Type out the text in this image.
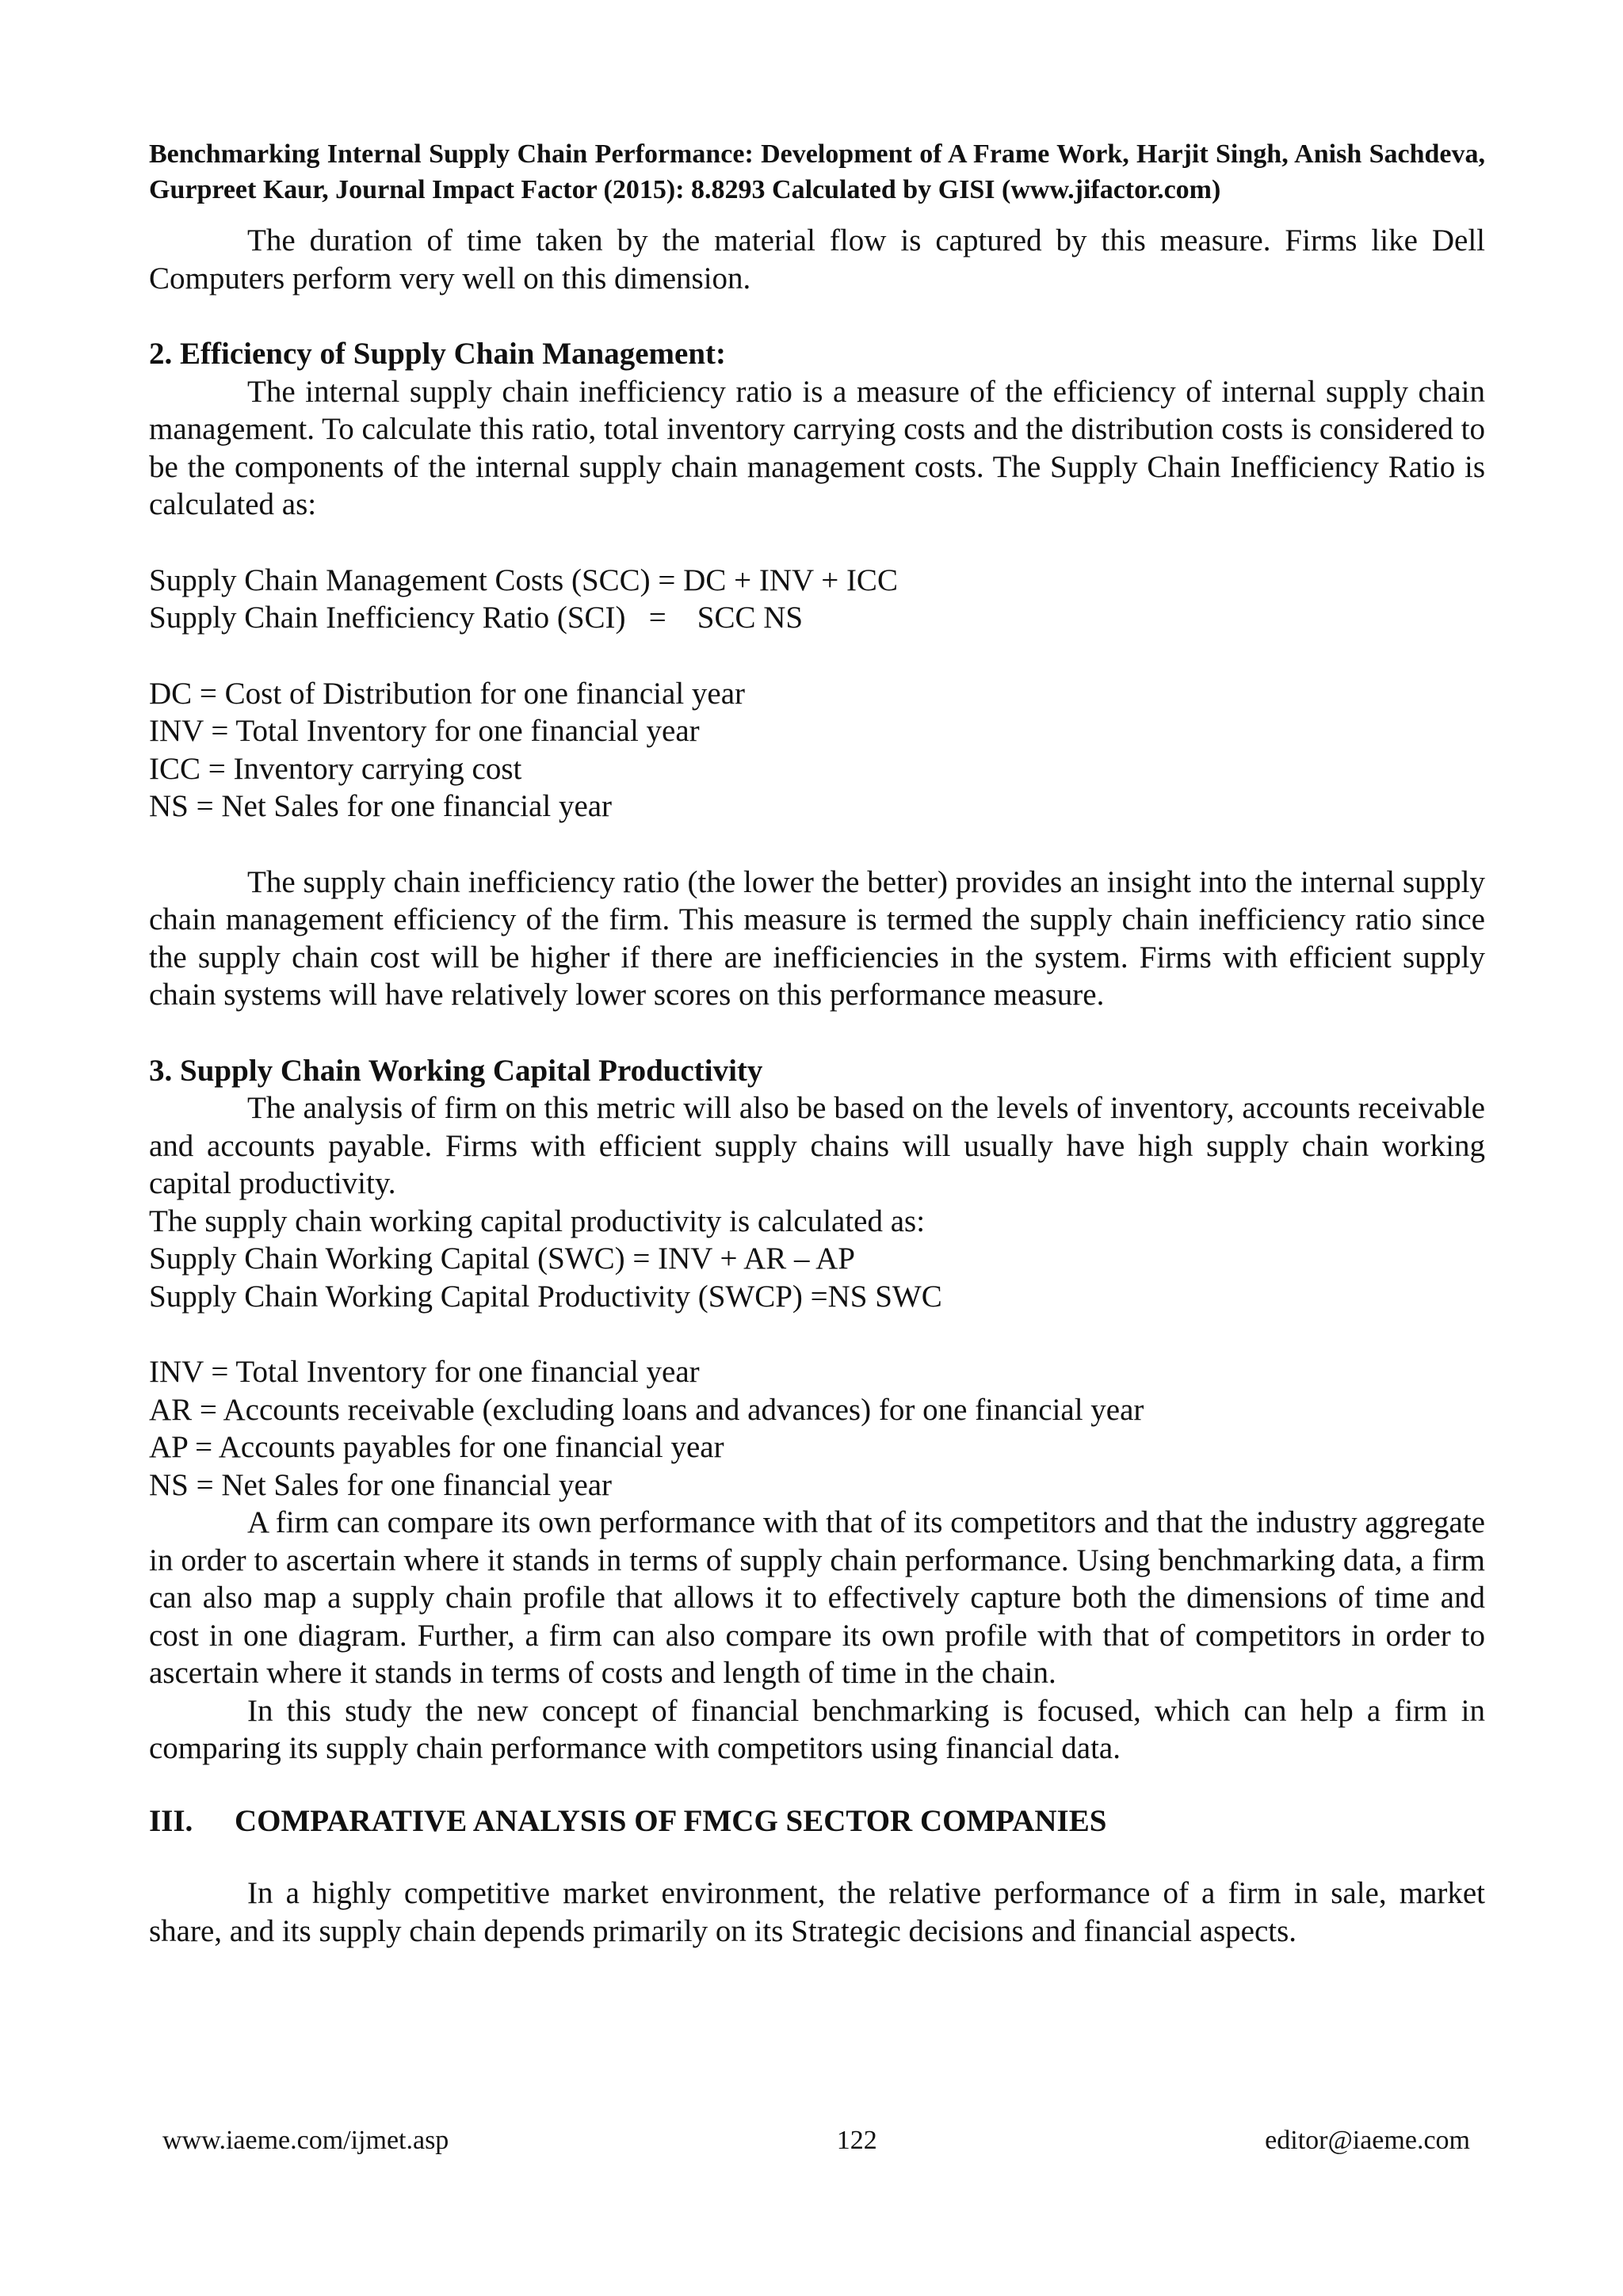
Benchmarking Internal Supply Chain Performance: Development of A Frame Work, Harjit Singh, Anish Sachdeva, Gurpreet Kaur, Journal Impact Factor (2015): 8.8293 Calculated by GISI (www.jifactor.com)

The duration of time taken by the material flow is captured by this measure. Firms like Dell Computers perform very well on this dimension.

2. Efficiency of Supply Chain Management:

The internal supply chain inefficiency ratio is a measure of the efficiency of internal supply chain management. To calculate this ratio, total inventory carrying costs and the distribution costs is considered to be the components of the internal supply chain management costs. The Supply Chain Inefficiency Ratio is calculated as:

Supply Chain Management Costs (SCC) = DC + INV + ICC

Supply Chain Inefficiency Ratio (SCI)   =    SCC NS

DC = Cost of Distribution for one financial year

INV = Total Inventory for one financial year

ICC = Inventory carrying cost

NS = Net Sales for one financial year

The supply chain inefficiency ratio (the lower the better) provides an insight into the internal supply chain management efficiency of the firm. This measure is termed the supply chain inefficiency ratio since the supply chain cost will be higher if there are inefficiencies in the system. Firms with efficient supply chain systems will have relatively lower scores on this performance measure.

3. Supply Chain Working Capital Productivity

The analysis of firm on this metric will also be based on the levels of inventory, accounts receivable and accounts payable. Firms with efficient supply chains will usually have high supply chain working capital productivity.

The supply chain working capital productivity is calculated as:

Supply Chain Working Capital (SWC) = INV + AR – AP

Supply Chain Working Capital Productivity (SWCP) =NS SWC

INV = Total Inventory for one financial year

AR = Accounts receivable (excluding loans and advances) for one financial year

AP = Accounts payables for one financial year

NS = Net Sales for one financial year

A firm can compare its own performance with that of its competitors and that the industry aggregate in order to ascertain where it stands in terms of supply chain performance. Using benchmarking data, a firm can also map a supply chain profile that allows it to effectively capture both the dimensions of time and cost in one diagram. Further, a firm can also compare its own profile with that of competitors in order to ascertain where it stands in terms of costs and length of time in the chain.

In this study the new concept of financial benchmarking is focused, which can help a firm in comparing its supply chain performance with competitors using financial data.

III.	COMPARATIVE ANALYSIS OF FMCG SECTOR COMPANIES

In a highly competitive market environment, the relative performance of a firm in sale, market share, and its supply chain depends primarily on its Strategic decisions and financial aspects.

www.iaeme.com/ijmet.asp	122	editor@iaeme.com
